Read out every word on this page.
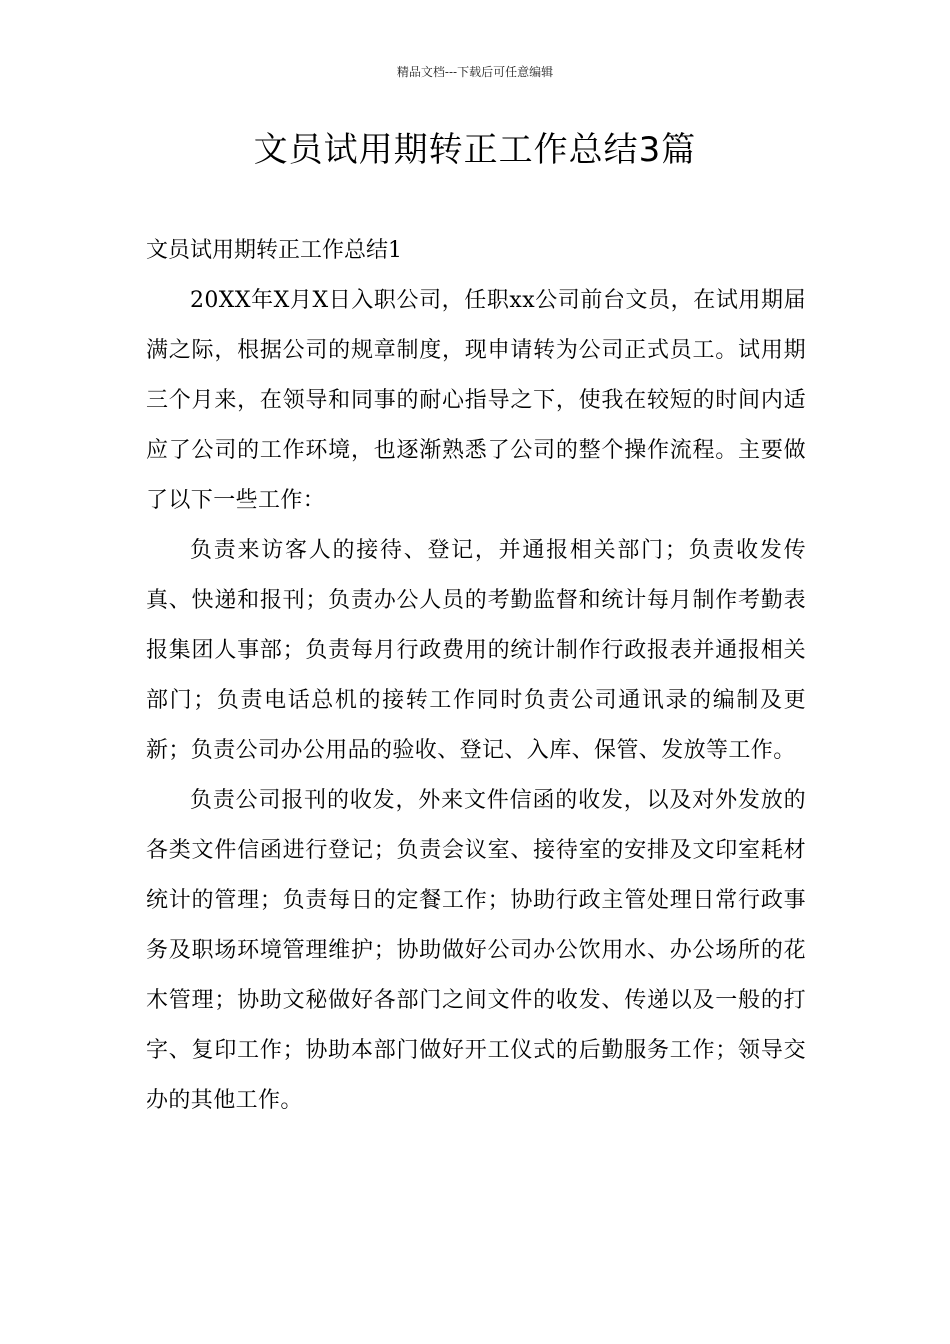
精品文档---下载后可任意编辑
文员试用期转正工作总结3篇

文员试用期转正工作总结1

20XX年X月X日入职公司，任职xx公司前台文员，在试用期届满之际，根据公司的规章制度，现申请转为公司正式员工。试用期三个月来，在领导和同事的耐心指导之下，使我在较短的时间内适应了公司的工作环境，也逐渐熟悉了公司的整个操作流程。主要做了以下一些工作：

负责来访客人的接待、登记，并通报相关部门；负责收发传真、快递和报刊；负责办公人员的考勤监督和统计每月制作考勤表报集团人事部；负责每月行政费用的统计制作行政报表并通报相关部门；负责电话总机的接转工作同时负责公司通讯录的编制及更新；负责公司办公用品的验收、登记、入库、保管、发放等工作。

负责公司报刊的收发，外来文件信函的收发，以及对外发放的各类文件信函进行登记；负责会议室、接待室的安排及文印室耗材统计的管理；负责每日的定餐工作；协助行政主管处理日常行政事务及职场环境管理维护；协助做好公司办公饮用水、办公场所的花木管理；协助文秘做好各部门之间文件的收发、传递以及一般的打字、复印工作；协助本部门做好开工仪式的后勤服务工作；领导交办的其他工作。
